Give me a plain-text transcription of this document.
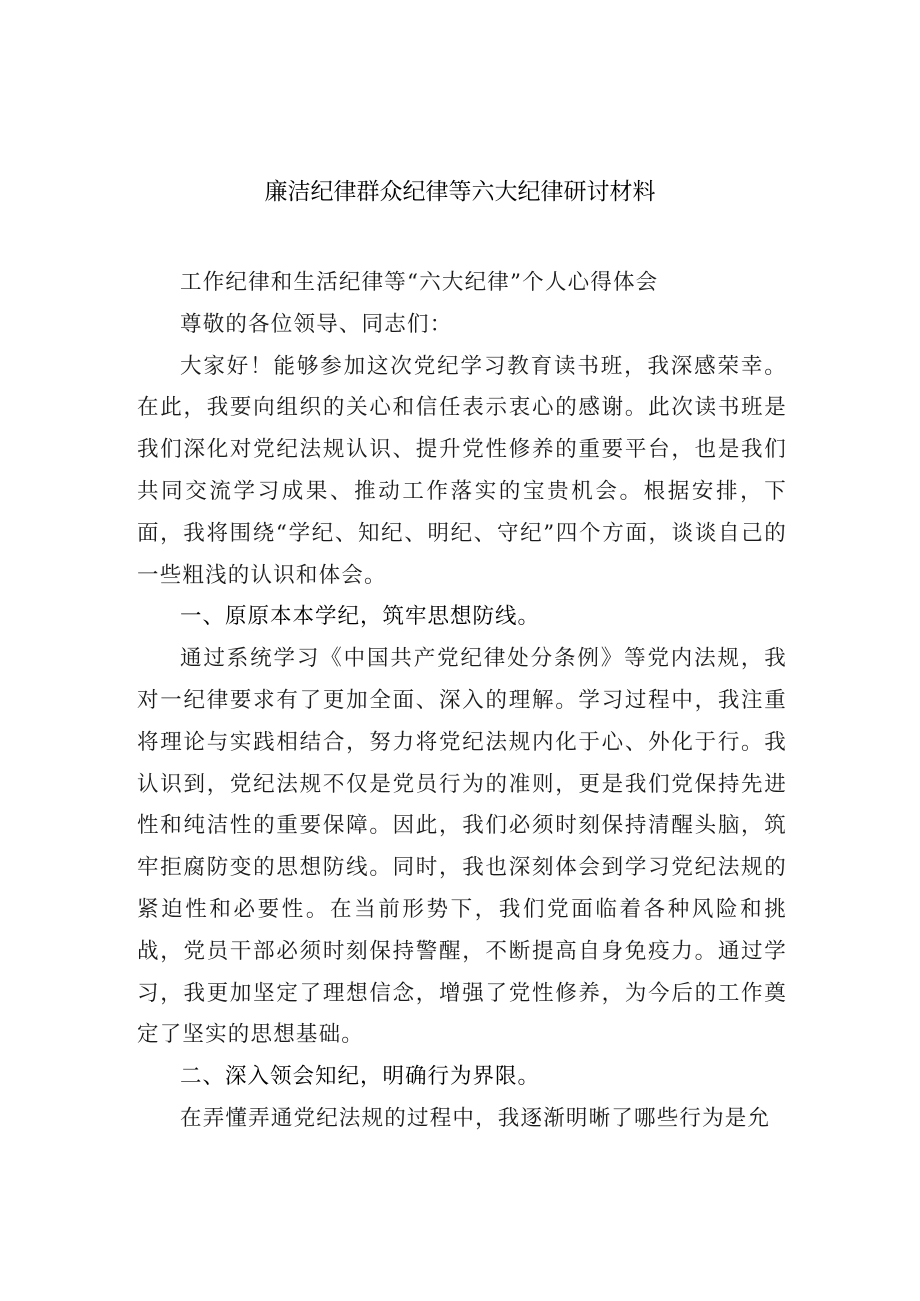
廉洁纪律群众纪律等六大纪律研讨材料

工作纪律和生活纪律等“六大纪律”个人心得体会

尊敬的各位领导、同志们：

大家好！能够参加这次党纪学习教育读书班，我深感荣幸。在此，我要向组织的关心和信任表示衷心的感谢。此次读书班是我们深化对党纪法规认识、提升党性修养的重要平台，也是我们共同交流学习成果、推动工作落实的宝贵机会。根据安排，下面，我将围绕“学纪、知纪、明纪、守纪”四个方面，谈谈自己的一些粗浅的认识和体会。

一、原原本本学纪，筑牢思想防线。

通过系统学习《中国共产党纪律处分条例》等党内法规，我对一纪律要求有了更加全面、深入的理解。学习过程中，我注重将理论与实践相结合，努力将党纪法规内化于心、外化于行。我认识到，党纪法规不仅是党员行为的准则，更是我们党保持先进性和纯洁性的重要保障。因此，我们必须时刻保持清醒头脑，筑牢拒腐防变的思想防线。同时，我也深刻体会到学习党纪法规的紧迫性和必要性。在当前形势下，我们党面临着各种风险和挑战，党员干部必须时刻保持警醒，不断提高自身免疫力。通过学习，我更加坚定了理想信念，增强了党性修养，为今后的工作奠定了坚实的思想基础。

二、深入领会知纪，明确行为界限。

在弄懂弄通党纪法规的过程中，我逐渐明晰了哪些行为是允
